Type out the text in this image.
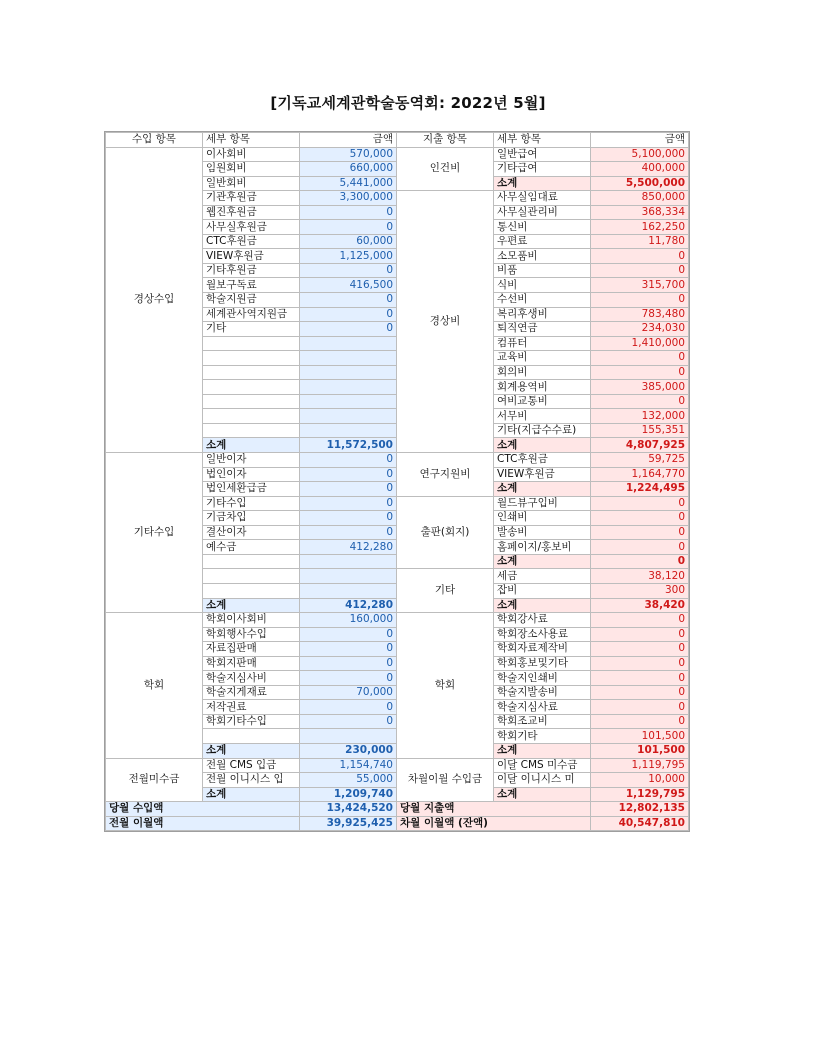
[기독교세계관학술동역회: 2022년 5월]
수입 항목	세부 항목	금액	지출 항목	세부 항목	금액
경상수입	이사회비	570,000	인건비	일반급여	5,100,000
	임원회비	660,000		기타급여	400,000
	일반회비	5,441,000		소계	5,500,000
	기관후원금	3,300,000	경상비	사무실임대료	850,000
	웹진후원금	0		사무실관리비	368,334
	사무실후원금	0		통신비	162,250
	CTC후원금	60,000		우편료	11,780
	VIEW후원금	1,125,000		소모품비	0
	기타후원금	0		비품	0
	월보구독료	416,500		식비	315,700
	학술지원금	0		수선비	0
	세계관사역지원금	0		복리후생비	783,480
	기타	0		퇴직연금	234,030
				컴퓨터	1,410,000
				교육비	0
				회의비	0
				회계용역비	385,000
				여비교통비	0
				서무비	132,000
				기타(지급수수료)	155,351
	소계	11,572,500		소계	4,807,925
기타수입	일반이자	0	연구지원비	CTC후원금	59,725
	법인이자	0		VIEW후원금	1,164,770
	법인세환급금	0		소계	1,224,495
	기타수입	0	출판(회지)	월드뷰구입비	0
	기금차입	0		인쇄비	0
	결산이자	0		발송비	0
	예수금	412,280		홈페이지/홍보비	0
				소계	0
			기타	세금	38,120
				잡비	300
	소계	412,280		소계	38,420
학회	학회이사회비	160,000	학회	학회강사료	0
	학회행사수입	0		학회장소사용료	0
	자료집판매	0		학회자료제작비	0
	학회지판매	0		학회홍보및기타	0
	학술지심사비	0		학술지인쇄비	0
	학술지게재료	70,000		학술지발송비	0
	저작권료	0		학술지심사료	0
	학회기타수입	0		학회조교비	0
				학회기타	101,500
	소계	230,000		소계	101,500
전월미수금	전월 CMS 입금	1,154,740	차월이월 수입금	이달 CMS 미수금	1,119,795
	전월 이니시스 입	55,000		이달 이니시스 미	10,000
	소계	1,209,740		소계	1,129,795
당월 수입액		13,424,520	당월 지출액		12,802,135
전월 이월액		39,925,425	차월 이월액 (잔액)		40,547,810
